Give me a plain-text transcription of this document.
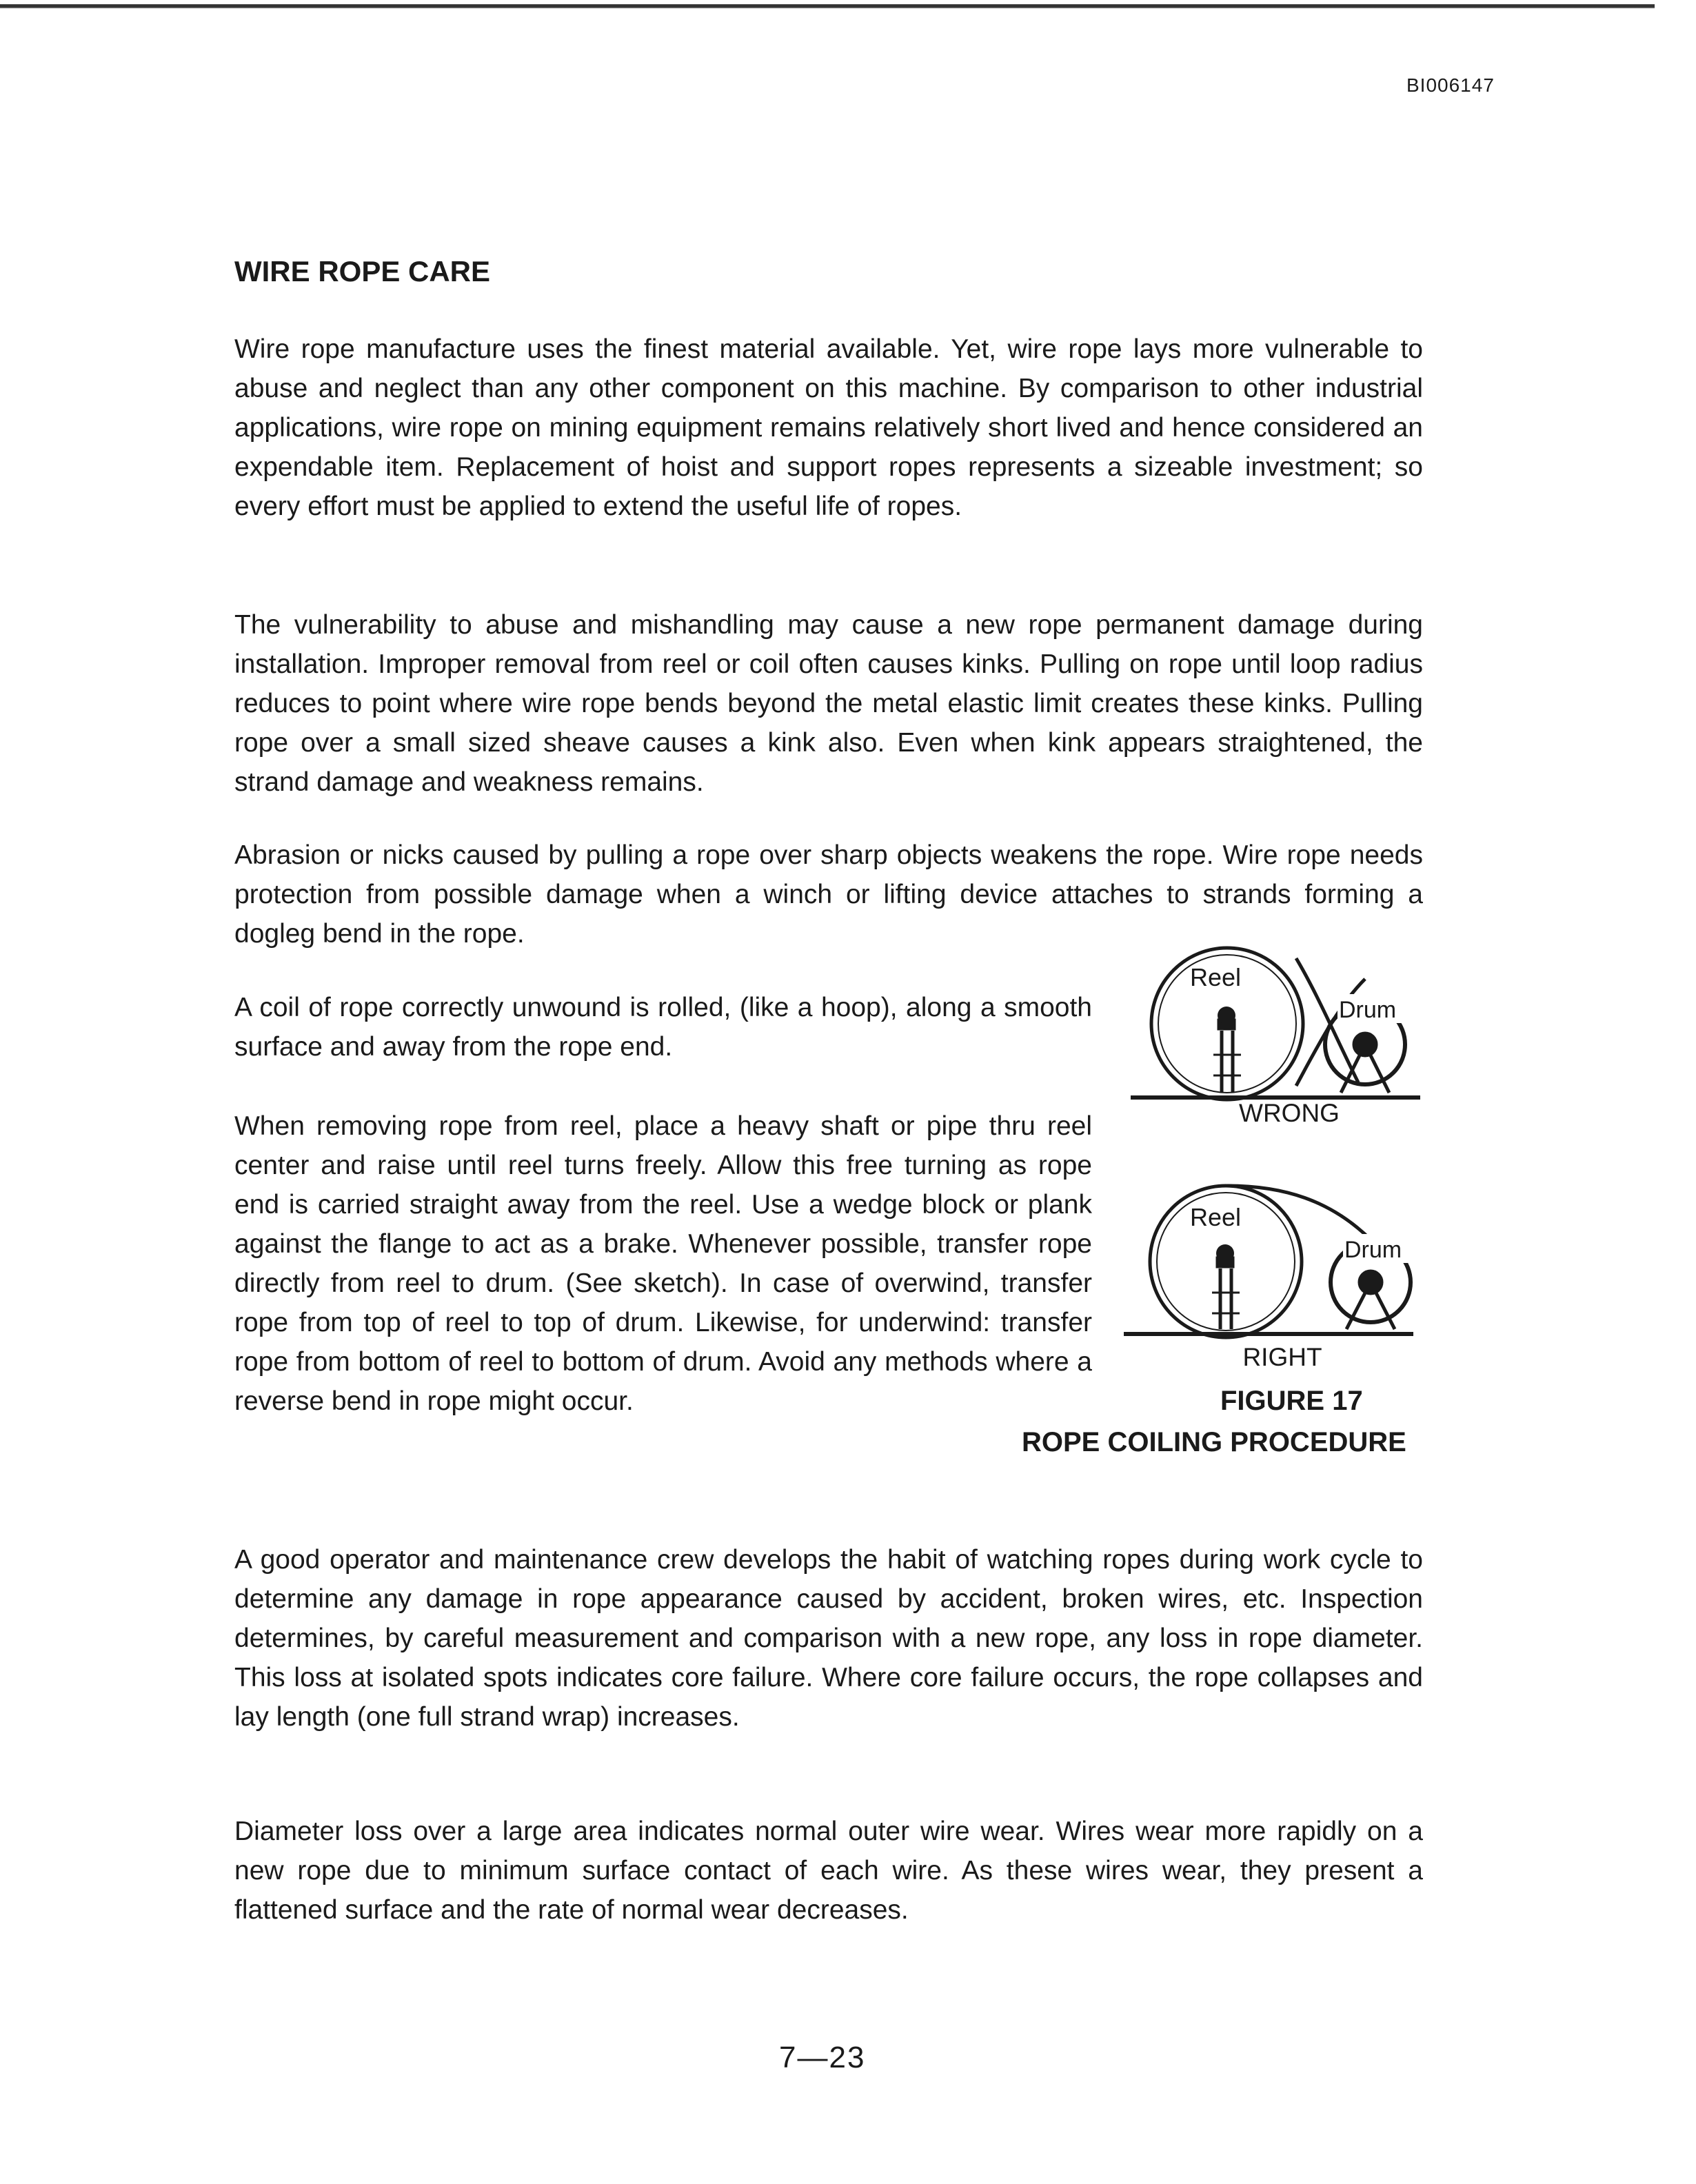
BI006147
WIRE ROPE CARE

Wire rope manufacture uses the finest material available. Yet, wire rope lays more vulnerable to abuse and neglect than any other component on this machine. By comparison to other industrial applications, wire rope on mining equipment remains relatively short lived and hence considered an expendable item. Replacement of hoist and support ropes represents a sizeable investment; so every effort must be applied to extend the useful life of ropes.

The vulnerability to abuse and mishandling may cause a new rope permanent damage during installation. Improper removal from reel or coil often causes kinks. Pulling on rope until loop radius reduces to point where wire rope bends beyond the metal elastic limit creates these kinks. Pulling rope over a small sized sheave causes a kink also. Even when kink appears straightened, the strand damage and weakness remains.

Abrasion or nicks caused by pulling a rope over sharp objects weakens the rope. Wire rope needs protection from possible damage when a winch or lifting device attaches to strands forming a dogleg bend in the rope.

A coil of rope correctly unwound is rolled, (like a hoop), along a smooth surface and away from the rope end.

When removing rope from reel, place a heavy shaft or pipe thru reel center and raise until reel turns freely. Allow this free turning as rope end is carried straight away from the reel. Use a wedge block or plank against the flange to act as a brake. Whenever possible, transfer rope directly from reel to drum. (See sketch). In case of overwind, transfer rope from top of reel to top of drum. Likewise, for underwind: transfer rope from bottom of reel to bottom of drum. Avoid any methods where a reverse bend in rope might occur.

A good operator and maintenance crew develops the habit of watching ropes during work cycle to determine any damage in rope appearance caused by accident, broken wires, etc. Inspection determines, by careful measurement and comparison with a new rope, any loss in rope diameter. This loss at isolated spots indicates core failure. Where core failure occurs, the rope collapses and lay length (one full strand wrap) increases.

Diameter loss over a large area indicates normal outer wire wear. Wires wear more rapidly on a new rope due to minimum surface contact of each wire. As these wires wear, they present a flattened surface and the rate of normal wear decreases.

Reel
Drum
WRONG
Reel
Drum
RIGHT
FIGURE 17
ROPE COILING PROCEDURE
7—23
